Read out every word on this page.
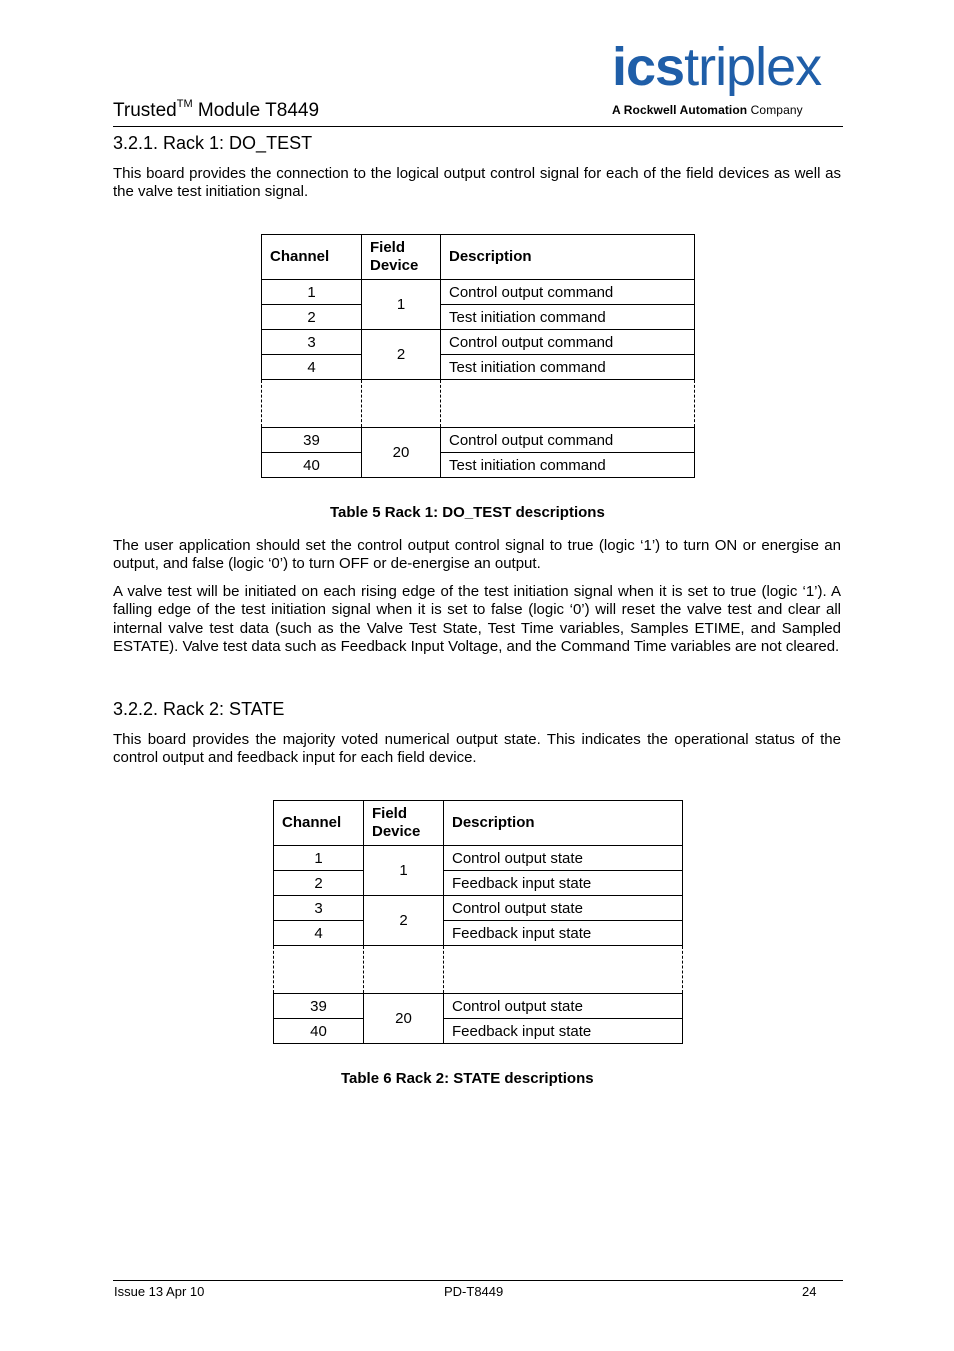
Trusted™ Module T8449
icstriplex
A Rockwell Automation Company
3.2.1. Rack 1: DO_TEST
This board provides the connection to the logical output control signal for each of the field devices as well as the valve test initiation signal.
Channel	Field Device	Description
1	1	Control output command
2		Test initiation command
3	2	Control output command
4		Test initiation command

39	20	Control output command
40		Test initiation command
Table 5 Rack 1: DO_TEST descriptions
The user application should set the control output control signal to true (logic ‘1’) to turn ON or energise an output, and false (logic ‘0’) to turn OFF or de-energise an output.
A valve test will be initiated on each rising edge of the test initiation signal when it is set to true (logic ‘1’). A falling edge of the test initiation signal when it is set to false (logic ‘0’) will reset the valve test and clear all internal valve test data (such as the Valve Test State, Test Time variables, Samples ETIME, and Sampled ESTATE). Valve test data such as Feedback Input Voltage, and the Command Time variables are not cleared.
3.2.2. Rack 2: STATE
This board provides the majority voted numerical output state. This indicates the operational status of the control output and feedback input for each field device.
Channel	Field Device	Description
1	1	Control output state
2		Feedback input state
3	2	Control output state
4		Feedback input state

39	20	Control output state
40		Feedback input state
Table 6 Rack 2: STATE descriptions
Issue 13 Apr 10	PD-T8449	24
